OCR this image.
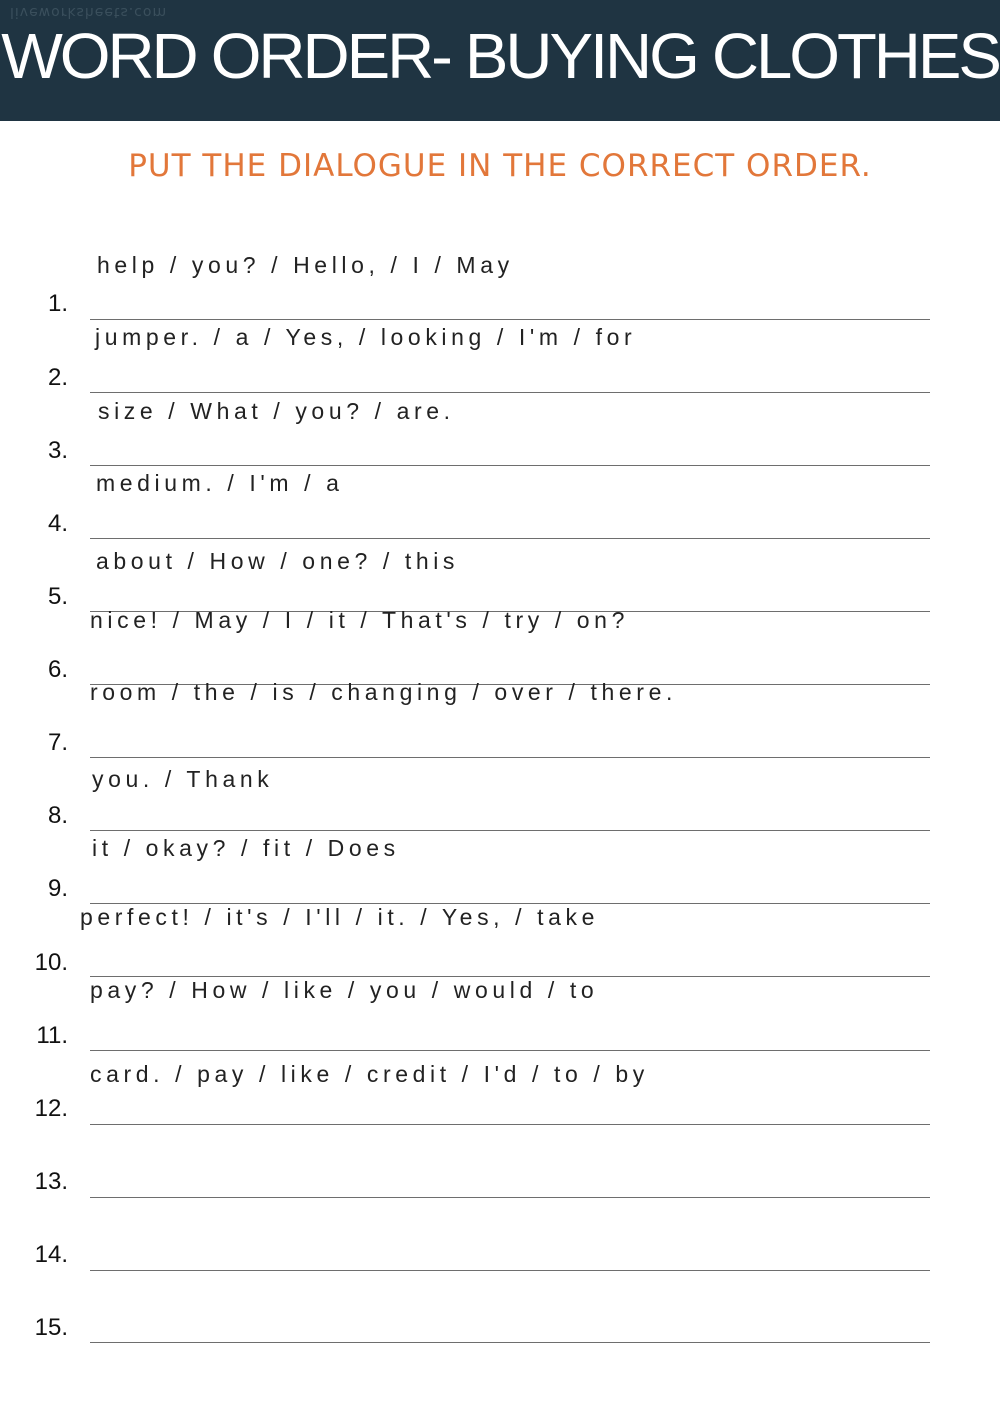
liveworksheets.com
WORD ORDER- BUYING CLOTHES
PUT THE DIALOGUE IN THE CORRECT ORDER.
1.
help / you? / Hello, / I / May
2.
jumper. / a / Yes, / looking / I'm / for
3.
size / What / you? / are.
4.
medium. / I'm / a
5.
about / How / one? / this
6.
nice! / May / I / it / That's / try / on?
7.
room / the / is / changing / over / there.
8.
you. / Thank
9.
it / okay? / fit / Does
10.
perfect! / it's / I'll / it. / Yes, / take
11.
pay? / How / like / you / would / to
12.
card. / pay / like / credit / I'd / to / by
13.
14.
15.
